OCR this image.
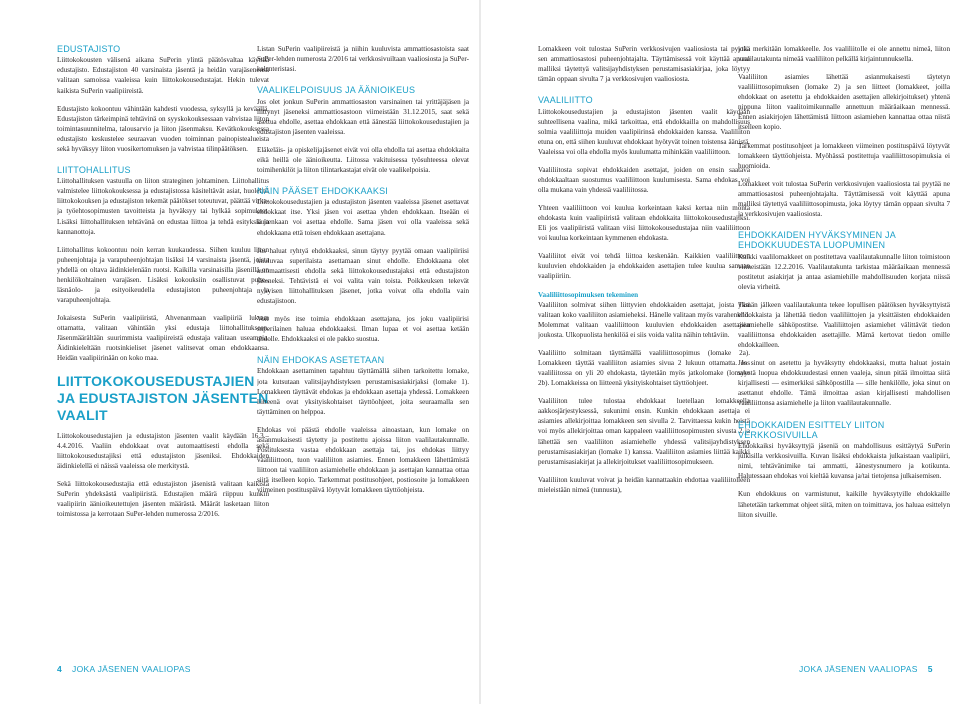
EDUSTAJISTO

Liittokokousten välisenä aikana SuPerin ylintä päätösvaltaa käyttää edustajisto. Edustajiston 40 varsinaista jäsentä ja heidän varajäsenensä valitaan samoissa vaaleissa kuin liittokokousedustajat. Hekin tulevat kaikista SuPerin vaalipiireistä.

Edustajisto kokoontuu vähintään kahdesti vuodessa, syksyllä ja keväällä. Edustajiston tärkeimpinä tehtävinä on syyskokouksessaan vahvistaa liiton toimintasuunnitelma, talousarvio ja liiton jäsenmaksu. Kevätkokouksessa edustajisto keskustelee seuraavan vuoden toiminnan painopistealueista sekä hyväksyy liiton vuosikertomuksen ja vahvistaa tilinpäätöksen.

LIITTOHALLITUS

Liittohallituksen vastuulla on liiton strateginen johtaminen. Liittohallitus valmistelee liittokokouksessa ja edustajistossa käsiteltävät asiat, huolehtii liittokokouksen ja edustajiston tekemät päätökset toteutuvat, päättää virka- ja työehtosopimusten tavoitteista ja hyväksyy tai hylkää sopimukset. Lisäksi liittohallituksen tehtävänä on edustaa liittoa ja tehdä esityksiä ja kannanottoja.

Liittohallitus kokoontuu noin kerran kuukaudessa. Siihen kuuluu liiton puheenjohtaja ja varapuheenjohtajan lisäksi 14 varsinaista jäsentä, joista yhdellä on oltava äidinkielenään ruotsi. Kaikilla varsinaisilla jäsenillä on henkilökohtainen varajäsen. Lisäksi kokouksiin osallistuvat puhe-, läsnäolo- ja esityoikeudella edustajiston puheenjohtaja ja varapuheenjohtaja.

Jokaisesta SuPerin vaalipiiristä, Ahvenanmaan vaalipiiriä lukuun ottamatta, valitaan vähintään yksi edustaja liittohallitukseen. Jäsenmäärältään suurimmista vaalipiireistä edustaja valitaan useampia. Äidinkieleltään ruotsinkieliset jäsenet valitsevat oman ehdokkaansa. Heidän vaalipiirinään on koko maa.

LIITTOKOKOUSEDUSTAJIEN JA EDUSTAJISTON JÄSENTEN VAALIT

Liittokokousedustajien ja edustajiston jäsenten vaalit käydään 16.3.–4.4.2016. Vaaliin ehdokkaat ovat automaattisesti ehdolla sekä liittokokousedustajiksi että edustajiston jäseniksi. Ehdokkaiden äidinkielellä ei näissä vaaleissa ole merkitystä.

Sekä liittokokousedustajia että edustajiston jäsenistä valitaan kaikista SuPerin yhdeksästä vaalipiiristä. Edustajien määrä riippuu kunkin vaalipiirin äänioikeutettujen jäsenten määrästä. Määrät lasketaan liiton toimistossa ja kerrotaan SuPer-lehden numerossa 2/2016.

Listan SuPerin vaalipiireistä ja niihin kuuluvista ammattiosastoista saat SuPer-lehden numerosta 2/2016 tai verkkosivuiltaan vaaliosiosta ja SuPer-kalenteristasi.

VAALIKELPOISUUS JA ÄÄNIOIKEUS

Jos olet jonkun SuPerin ammattiosaston varsinainen tai yrittäjäjäsen ja liittynyt jäseneksi ammattiosastoon viimeistään 31.12.2015, saat sekä asettua ehdolle, asettaa ehdokkaan että äänestää liittokokousedustajien ja edustajiston jäsenten vaaleissa.

Eläkeläis- ja opiskelijajäsenet eivät voi olla ehdolla tai asettaa ehdokkaita eikä heillä ole äänioikeutta. Liitossa vakituisessa työsuhteessa olevat toimihenkilöt ja liiton tilintarkastajat eivät ole vaalikelpoisia.

NÄIN PÄÄSET EHDOKKAAKSI

Liittokokousedustajien ja edustajiston jäsenten vaaleissa jäsenet asettavat ehdokkaat itse. Yksi jäsen voi asettaa yhden ehdokkaan. Itseään ei kuitenkaan voi asettaa ehdolle. Sama jäsen voi olla vaaleissa sekä ehdokkaana että toisen ehdokkaan asettajana.

Jos haluat ryhtyä ehdokkaaksi, sinun täytyy pyytää omaan vaalipiiriisi kuuluvaa superilaista asettamaan sinut ehdolle. Ehdokkaana olet automaattisesti ehdolla sekä liittokokousedustajaksi että edustajiston jäseneksi. Tehtävistä ei voi valita vain toista. Poikkeuksen tekevät nykyisen liittohallituksen jäsenet, jotka voivat olla ehdolla vain edustajistoon.

Voit myös itse toimia ehdokkaan asettajana, jos joku vaalipiirisi superilainen haluaa ehdokkaaksi. Ilman lupaa et voi asettaa ketään ehdolle. Ehdokkaaksi ei ole pakko suostua.

NÄIN EHDOKAS ASETETAAN

Ehdokkaan asettaminen tapahtuu täyttämällä siihen tarkoitettu lomake, jota kutsutaan valitsijayhdistyksen perustamisasiakirjaksi (lomake 1). Lomakkeen täyttävät ehdokas ja ehdokkaan asettaja yhdessä. Lomakkeen liitteenä ovat yksityiskohtaiset täyttöohjeet, joita seuraamalla sen täyttäminen on helppoa.

Ehdokas voi päästä ehdolle vaaleissa ainoastaan, kun lomake on asianmukaisesti täytetty ja postitettu ajoissa liiton vaalilautakunnalle. Postituksesta vastaa ehdokkaan asettaja tai, jos ehdokas liittyy vaaliliittoon, tuon vaaliliiton asiamies. Ennen lomakkeen lähettämistä liittoon tai vaaliliiton asiamiehelle ehdokkaan ja asettajan kannattaa ottaa siitä itselleen kopio. Tarkemmat postitusohjeet, postiosoite ja lomakkeen viimeinen postituspäivä löytyvät lomakkeen täyttöohjeista.

Lomakkeen voit tulostaa SuPerin verkkosivujen vaaliosiosta tai pyytää sen ammattiosastosi puheenjohtajalta. Täyttämisessä voit käyttää apuna malliksi täytettyä valitsijayhdistyksen perustamisasiakirjaa, joka löytyy tämän oppaan sivulta 7 ja verkkosivujen vaaliosiosta.

VAALILIITTO

Liittokokousedustajien ja edustajiston jäsenten vaalit käydään suhteellisena vaalina, mikä tarkoittaa, että ehdokkailla on mahdollisuus solmia vaaliliittoja muiden vaalipiirinsä ehdokkaiden kanssa. Vaaliliiton etuna on, että siihen kuuluvat ehdokkaat hyötyvät toinen toistensa äänistä. Vaaleissa voi olla ehdolla myös kuulumatta mihinkään vaaliliittoon.

Vaaliliitosta sopivat ehdokkaiden asettajat, joiden on ensin saatava ehdokkaaltaan suostumus vaaliliittoon kuulumisesta. Sama ehdokas voi olla mukana vain yhdessä vaaliliitossa.

Yhteen vaaliliittoon voi kuulua korkeintaan kaksi kertaa niin monta ehdokasta kuin vaalipiiristä valitaan ehdokkaita liittokokousedustajiksi. Eli jos vaalipiiristä valitaan viisi liittokokousedustajaa niin vaaliliittoon voi kuulua korkeintaan kymmenen ehdokasta.

Vaaliliitot eivät voi tehdä liittoa keskenään. Kaikkien vaaliliittoon kuuluvien ehdokkaiden ja ehdokkaiden asettajien tulee kuulua samaan vaalipiiriin.

Vaaliliittosopimuksen tekeminen

Vaaliliiton solmivat siihen liittyvien ehdokkaiden asettajat, joista yksi valitaan koko vaaliliiton asiamieheksi. Hänelle valitaan myös varahenkilö. Molemmat valitaan vaaliliittoon kuuluvien ehdokkaiden asettajien joukosta. Ulkopuolista henkilöä ei siis voida valita näihin tehtäviin.

Vaaliliitto solmitaan täyttämällä vaaliliittosopimus (lomake 2a). Lomakkeen täyttää vaaliliiton asiamies sivua 2 lukuun ottamatta. Jos vaaliliitossa on yli 20 ehdokasta, täytetään myös jatkolomake (lomake 2b). Lomakkeissa on liitteenä yksityiskohtaiset täyttöohjeet.

Vaaliliiton tulee tulostaa ehdokkaat luetellaan lomakkeella aakkosjärjestyksessä, sukunimi ensin. Kunkin ehdokkaan asettaja ei asiamies allekirjoittaa lomakkeen sen sivulla 2. Tarvittaessa kukin heistä voi myös allekirjoittaa oman kappaleen vaaliliittosopimusten sivusta 2 ja lähettää sen vaaliliiton asiamiehelle yhdessä valitsijayhdistyksen perustamisasiakirjan (lomake 1) kanssa. Vaaliliiton asiamies liittää kaikki perustamisasiakirjat ja allekirjoitukset vaaliliittosopimukseen.

Vaaliliiton kuuluvat voivat ja heidän kannattaakin ehdottaa vaaliliitolleen mieleistään nimeä (tunnusta),

joka merkitään lomakkeelle. Jos vaaliliitolle ei ole annettu nimeä, liiton vaalilautakunta nimeää vaaliliiton pelkällä kirjaintunnuksella.

Vaaliliiton asiamies lähettää asianmukaisesti täytetyn vaaliliittosopimuksen (lomake 2) ja sen liitteet (lomakkeet, joilla ehdokkaat on asetettu ja ehdokkaiden asettajien allekirjoitukset) yhtenä nippuna liiton vaalitoimikunnalle annettuun määräaikaan mennessä. Ennen asiakirjojen lähettämistä liittoon asiamiehen kannattaa ottaa niistä itselleen kopio.

Tarkemmat postitusohjeet ja lomakkeen viimeinen postituspäivä löytyvät lomakkeen täyttöohjeista. Myöhässä postitettuja vaaliliittosopimuksia ei huomioida.

Lomakkeet voit tulostaa SuPerin verkkosivujen vaaliosiosta tai pyytää ne ammattiosastosi puheenjohtajalta. Täyttämisessä voit käyttää apuna malliksi täytettyä vaaliliittosopimusta, joka löytyy tämän oppaan sivulta 7 ja verkkosivujen vaaliosiosta.

EHDOKKAIDEN HYVÄKSYMINEN JA EHDOKKUUDESTA LUOPUMINEN

Kaikki vaalilomakkeet on postitettava vaalilautakunnalle liiton toimistoon viimeistään 12.2.2016. Vaalilautakunta tarkistaa määräaikaan mennessä postitetut asiakirjat ja antaa asiamiehille mahdollisuuden korjata niissä olevia virheitä.

Tämän jälkeen vaalilautakunta tekee lopullisen päätöksen hyväksyttyistä ehdokkaista ja lähettää tiedon vaaliliittojen ja yksittäisten ehdokkaiden asiamiehelle sähköpostitse. Vaaliliittojen asiamiehet välittävät tiedon vaaliliittonsa ehdokkaiden asettajille. Mämä kertovat tiedon omille ehdokkailleen.

Jos sinut on asetettu ja hyväksytty ehdokkaaksi, mutta haluat jostain syystä luopua ehdokkuudestasi ennen vaaleja, sinun pitää ilmoittaa siitä kirjallisesti — esimerkiksi sähköpostilla — sille henkilölle, joka sinut on asettanut ehdolle. Tämä ilmoittaa asian kirjallisesti mahdollisen vaaliliittonsa asiamiehelle ja liiton vaalilautakunnalle.

EHDOKKAIDEN ESITTELY LIITON VERKKOSIVUILLA

Ehdokkaiksi hyväksyttyjä jäseniä on mahdollisuus esittäytyä SuPerin julkisilla verkkosivuilla. Kuvan lisäksi ehdokkaista julkaistaan vaalipiiri, nimi, tehtävänimike tai ammatti, äänestysnumero ja kotikunta. Halutessaan ehdokas voi kieltää kuvansa ja/tai tietojensa julkaisemisen.

Kun ehdokkuus on varmistunut, kaikille hyväksytyille ehdokkaille lähetetään tarkemmat ohjeet siitä, miten on toimittava, jos haluaa esittelyn liiton sivuille.

4 JOKA JÄSENEN VAALIOPAS	JOKA JÄSENEN VAALIOPAS 5
